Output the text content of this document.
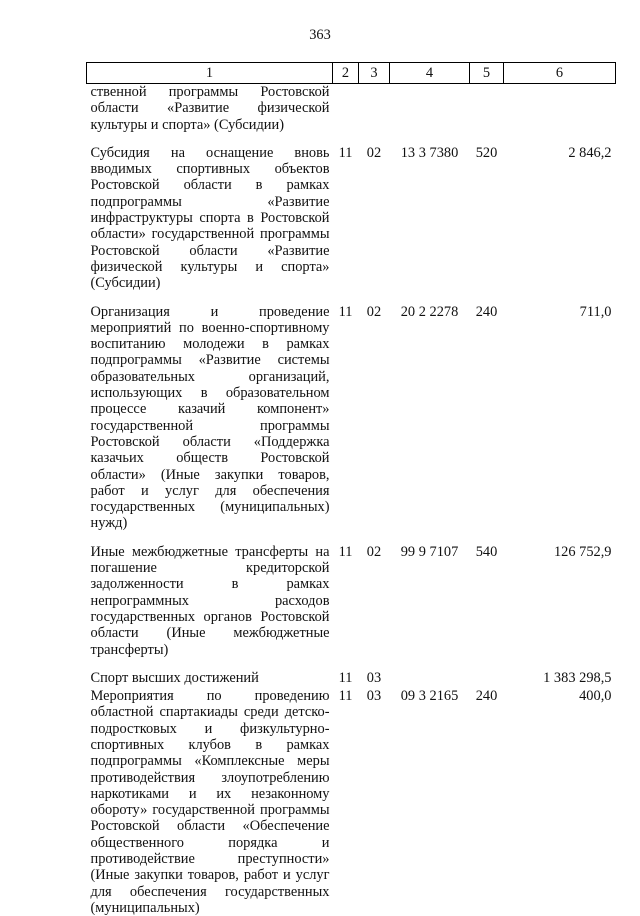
363
1	2	3	4	5	6
ственной программы Ростовской области «Развитие физической культуры и спорта» (Субсидии)					
Субсидия на оснащение вновь вводимых спортивных объектов Ростовской области в рамках подпрограммы «Развитие инфраструктуры спорта в Ростовской области» государственной программы Ростовской области «Развитие физической культуры и спорта» (Субсидии)	11	02	13 3 7380	520	2 846,2
Организация и проведение мероприятий по военно-спортивному воспитанию молодежи в рамках подпрограммы «Развитие системы образовательных организаций, использующих в образовательном процессе казачий компонент» государственной программы Ростовской области «Поддержка казачьих обществ Ростовской области» (Иные закупки товаров, работ и услуг для обеспечения государственных (муниципальных) нужд)	11	02	20 2 2278	240	711,0
Иные межбюджетные трансферты на погашение кредиторской задолженности в рамках непрограммных расходов государственных органов Ростовской области (Иные межбюджетные трансферты)	11	02	99 9 7107	540	126 752,9
Спорт высших достижений	11	03			1 383 298,5
Мероприятия по проведению областной спартакиады среди детско-подростковых и физкультурно-спортивных клубов в рамках подпрограммы «Комплексные меры противодействия злоупотреблению наркотиками и их незаконному обороту» государственной программы Ростовской области «Обеспечение общественного порядка и противодействие преступности» (Иные закупки товаров, работ и услуг для обеспечения государственных (муниципальных)	11	03	09 3 2165	240	400,0
